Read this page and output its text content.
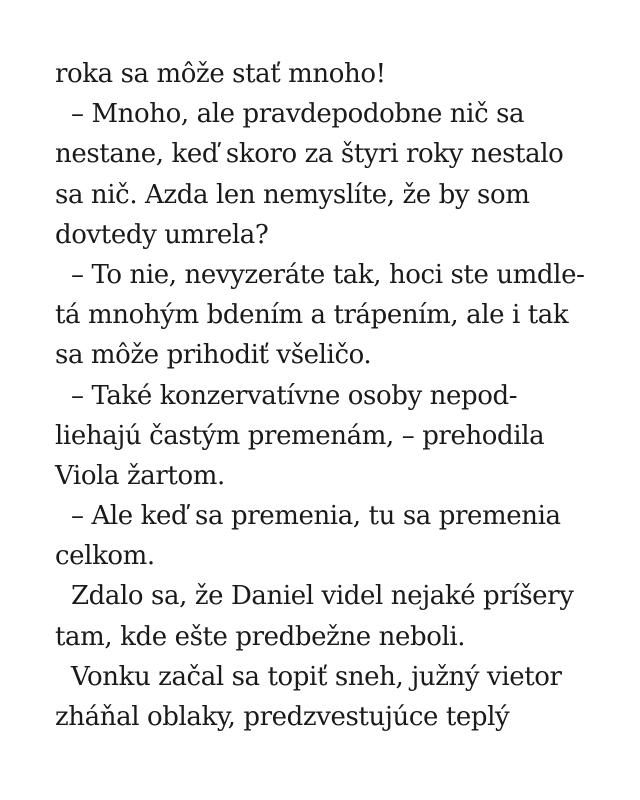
roka sa môže stať mnoho!
– Mnoho, ale pravdepodobne nič sa
nestane, keď skoro za štyri roky nestalo
sa nič. Azda len nemyslíte, že by som
dovtedy umrela?
– To nie, nevyzeráte tak, hoci ste umdle-
tá mnohým bdením a trápením, ale i tak
sa môže prihodiť všeličo.
– Také konzervatívne osoby nepod-
liehajú častým premenám, – prehodila
Viola žartom.
– Ale keď sa premenia, tu sa premenia
celkom.
Zdalo sa, že Daniel videl nejaké príšery
tam, kde ešte predbežne neboli.
Vonku začal sa topiť sneh, južný vietor
zháňal oblaky, predzvestujúce teplý
